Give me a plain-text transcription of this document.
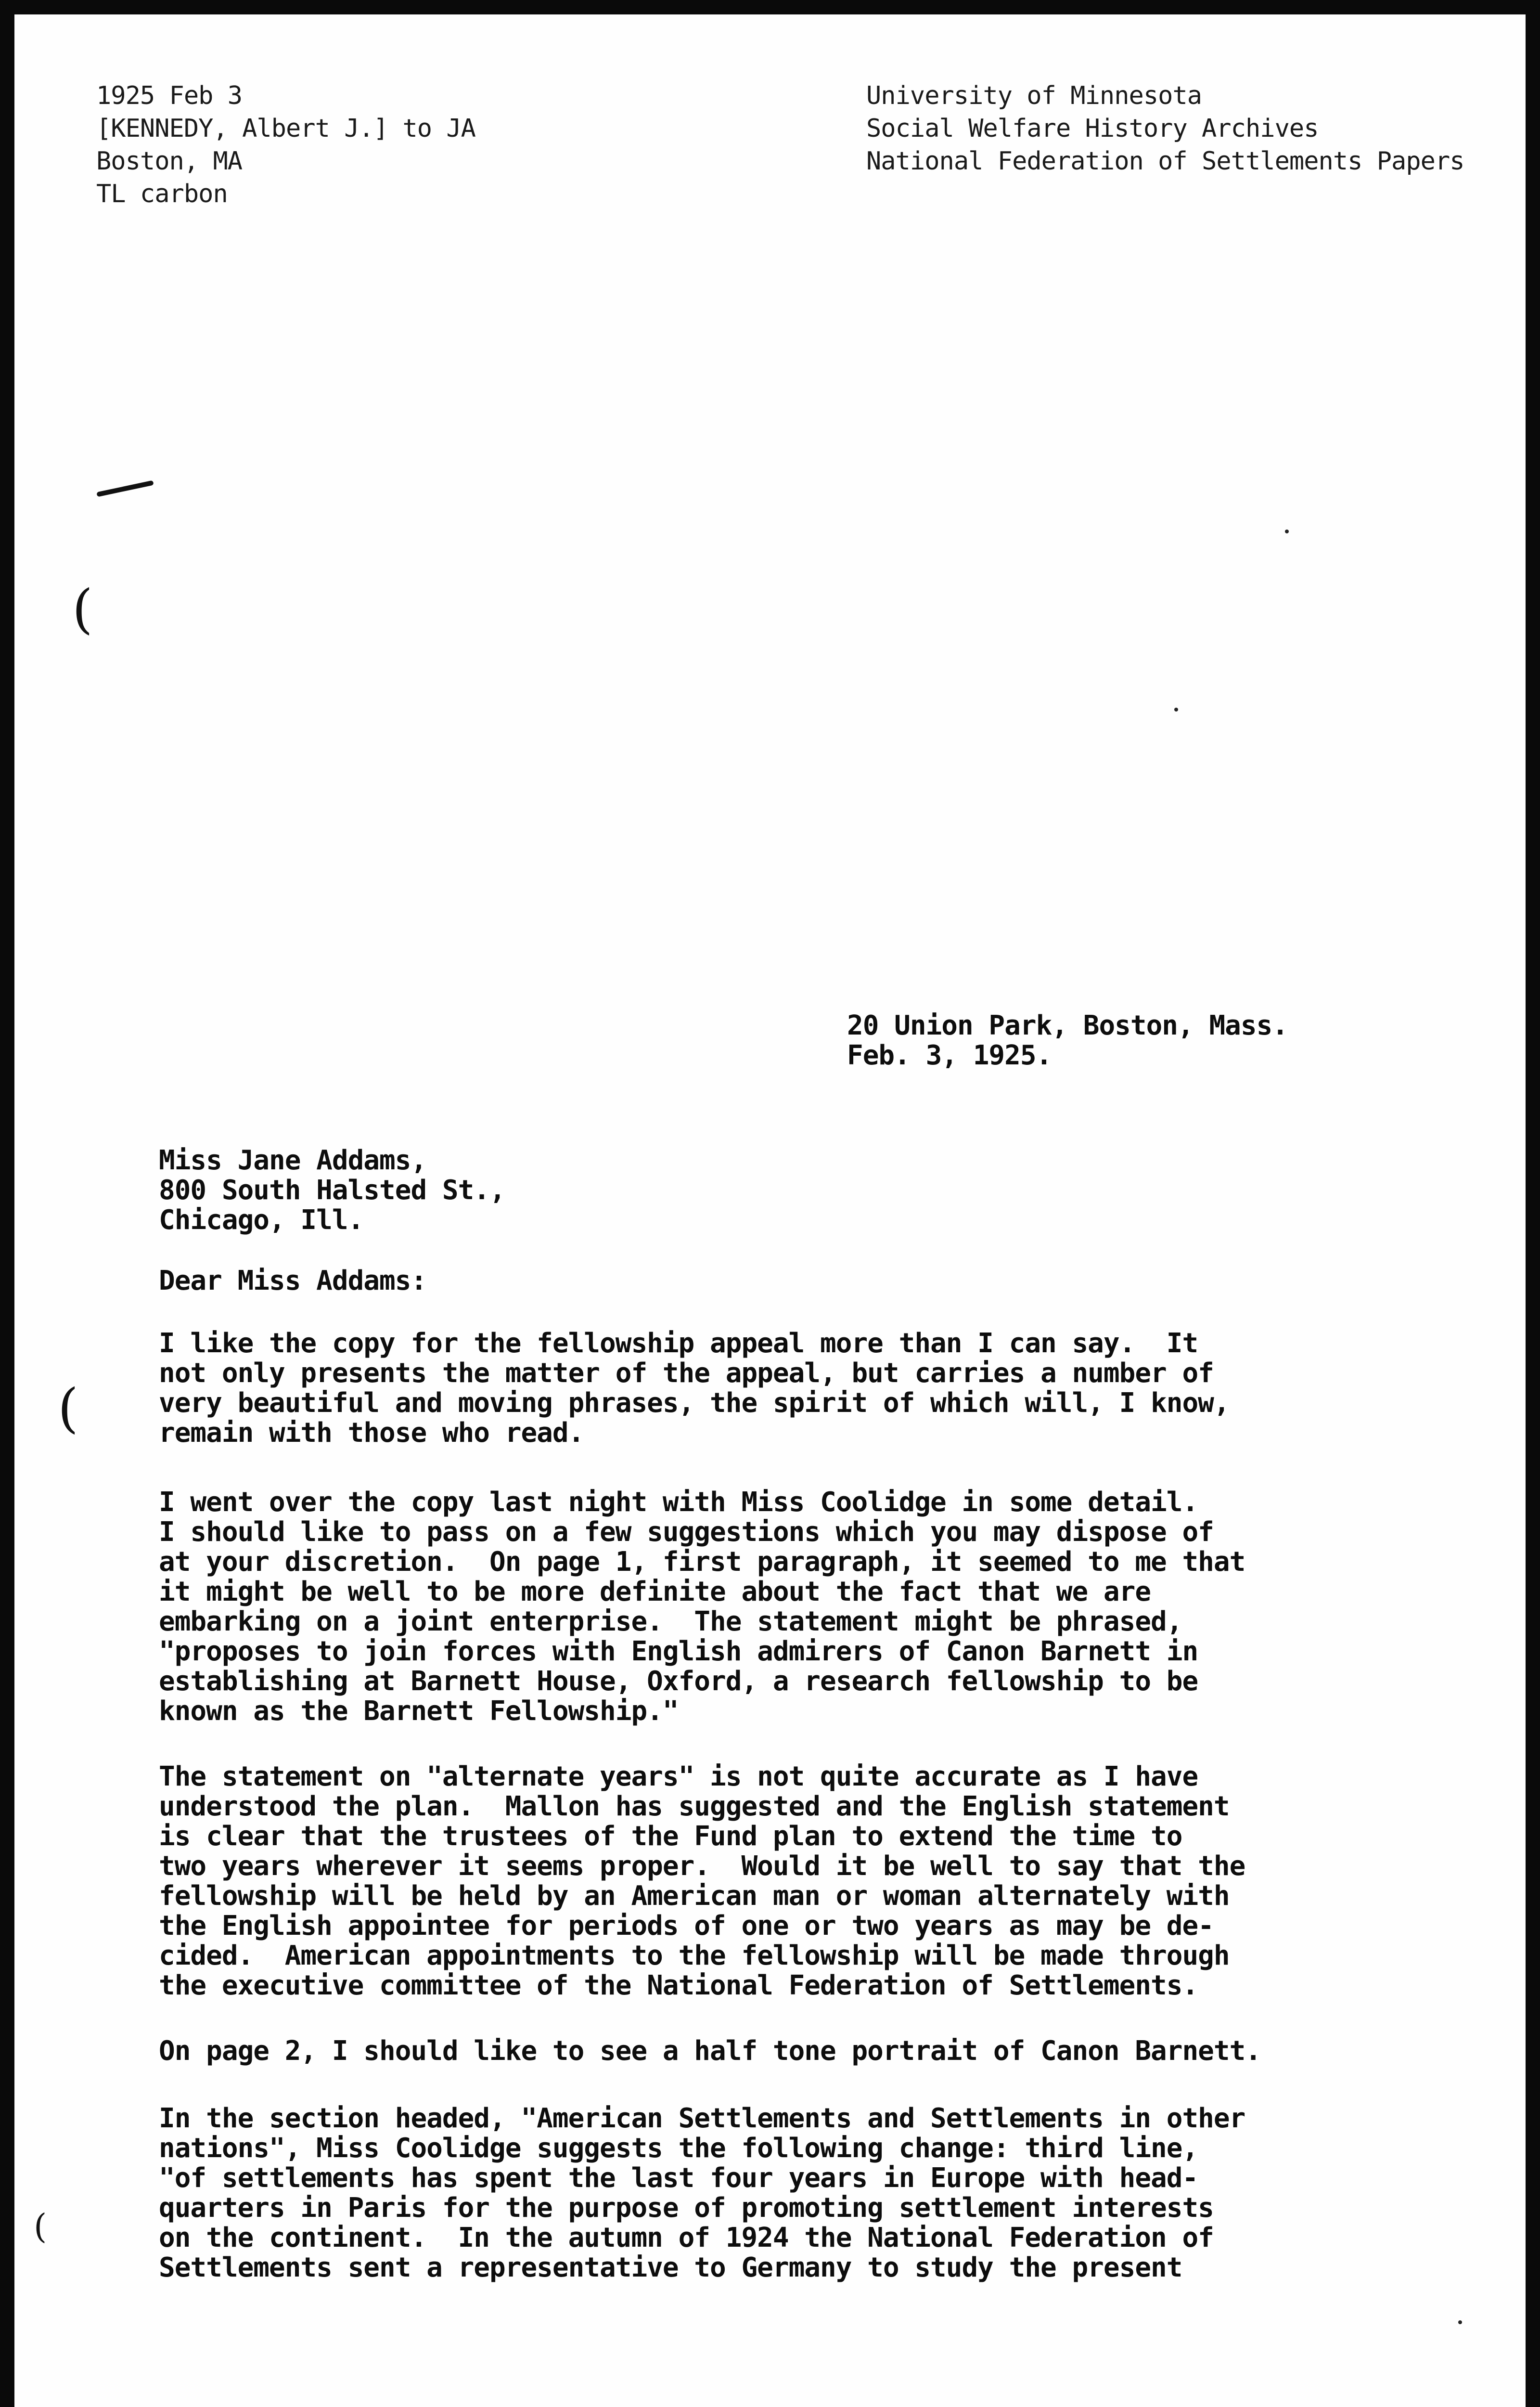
1925 Feb 3
[KENNEDY, Albert J.] to JA
Boston, MA
TL carbon
University of Minnesota
Social Welfare History Archives
National Federation of Settlements Papers
(
(
(
20 Union Park, Boston, Mass.
Feb. 3, 1925.
Miss Jane Addams,
800 South Halsted St.,
Chicago, Ill.
Dear Miss Addams:
I like the copy for the fellowship appeal more than I can say.  It
not only presents the matter of the appeal, but carries a number of
very beautiful and moving phrases, the spirit of which will, I know,
remain with those who read.
I went over the copy last night with Miss Coolidge in some detail.
I should like to pass on a few suggestions which you may dispose of
at your discretion.  On page 1, first paragraph, it seemed to me that
it might be well to be more definite about the fact that we are
embarking on a joint enterprise.  The statement might be phrased,
"proposes to join forces with English admirers of Canon Barnett in
establishing at Barnett House, Oxford, a research fellowship to be
known as the Barnett Fellowship."
The statement on "alternate years" is not quite accurate as I have
understood the plan.  Mallon has suggested and the English statement
is clear that the trustees of the Fund plan to extend the time to
two years wherever it seems proper.  Would it be well to say that the
fellowship will be held by an American man or woman alternately with
the English appointee for periods of one or two years as may be de-
cided.  American appointments to the fellowship will be made through
the executive committee of the National Federation of Settlements.
On page 2, I should like to see a half tone portrait of Canon Barnett.
In the section headed, "American Settlements and Settlements in other
nations", Miss Coolidge suggests the following change: third line,
"of settlements has spent the last four years in Europe with head-
quarters in Paris for the purpose of promoting settlement interests
on the continent.  In the autumn of 1924 the National Federation of
Settlements sent a representative to Germany to study the present
